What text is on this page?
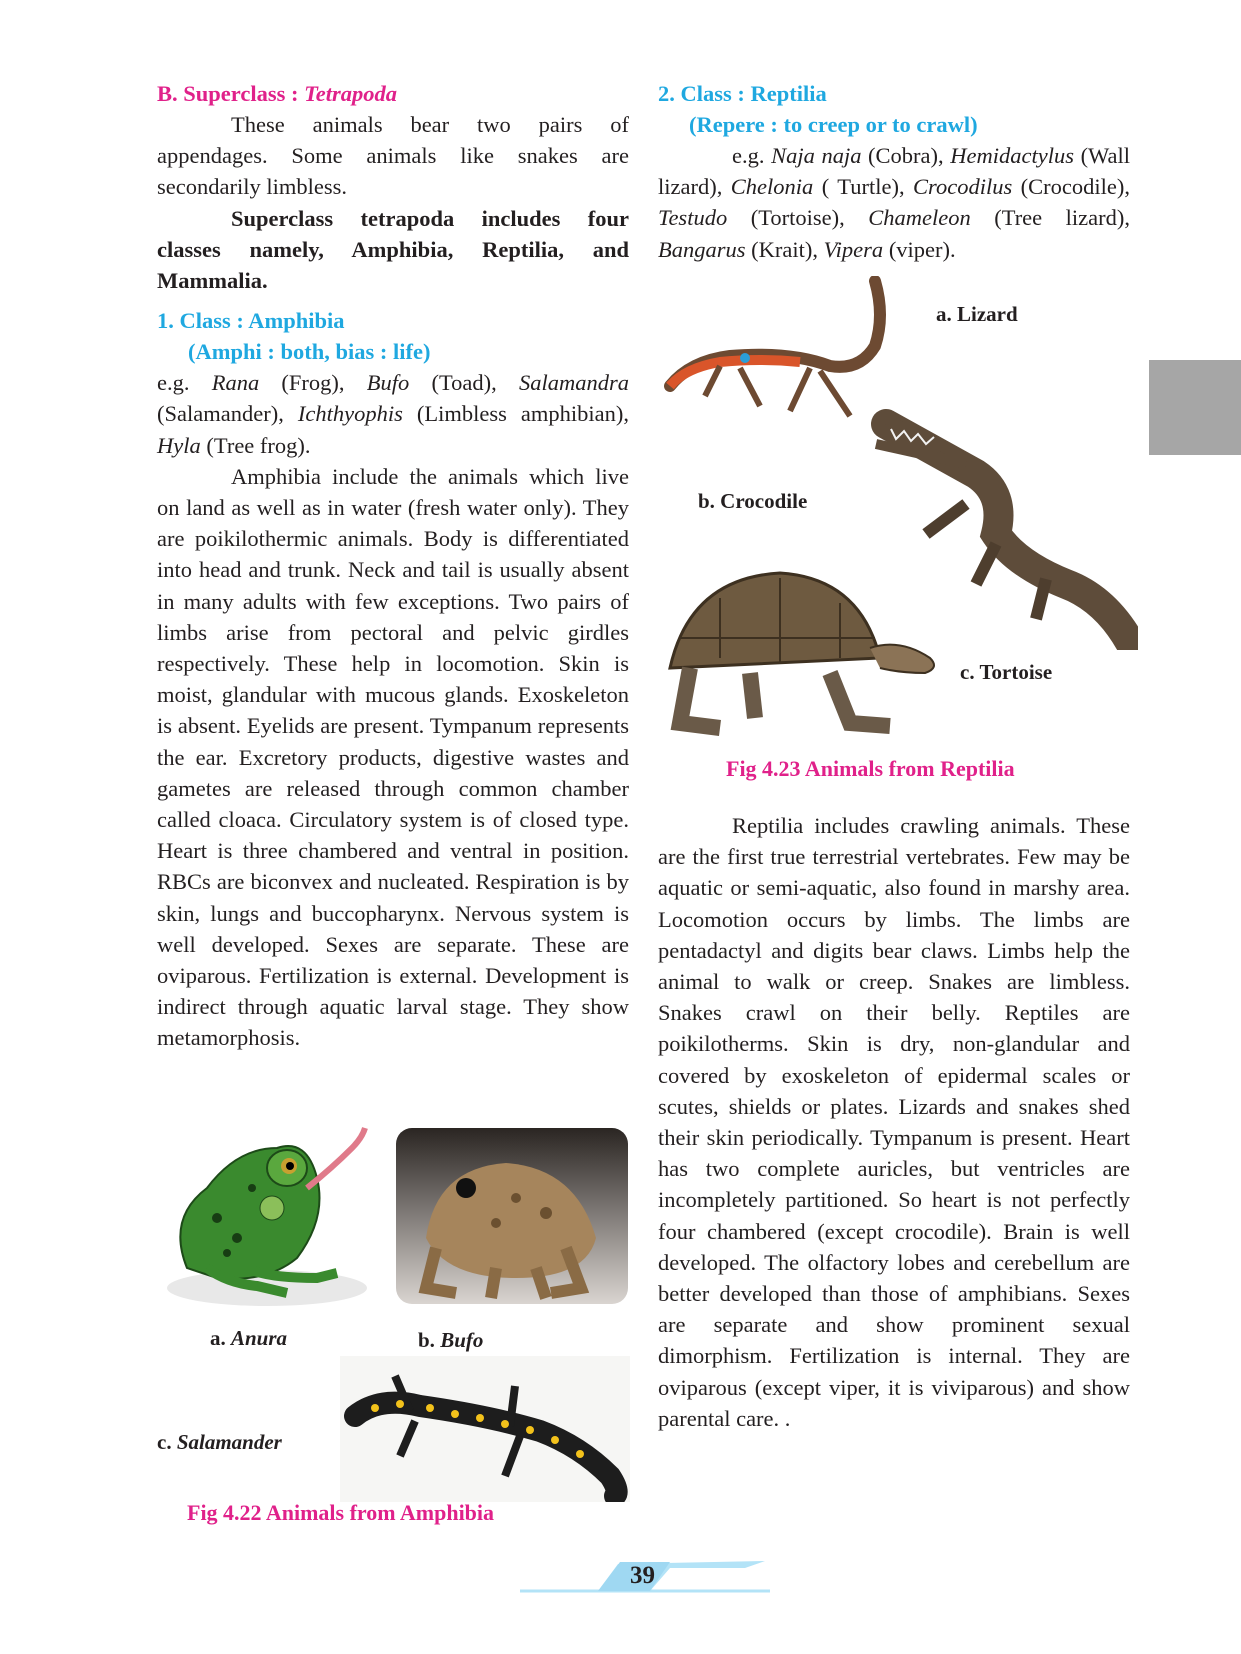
B. Superclass : Tetrapoda

These animals bear two pairs of appendages. Some animals like snakes are secondarily limbless.

Superclass tetrapoda includes four classes namely, Amphibia, Reptilia, and Mammalia.

1. Class : Amphibia

(Amphi : both, bias : life)

e.g. Rana (Frog), Bufo (Toad), Salamandra (Salamander), Ichthyophis (Limbless amphibian), Hyla (Tree frog).

Amphibia include the animals which live on land as well as in water (fresh water only). They are poikilothermic animals. Body is differentiated into head and trunk. Neck and tail is usually absent in many adults with few exceptions. Two pairs of limbs arise from pectoral and pelvic girdles respectively. These help in locomotion. Skin is moist, glandular with mucous glands. Exoskeleton is absent. Eyelids are present. Tympanum represents the ear. Excretory products, digestive wastes and gametes are released through common chamber called cloaca. Circulatory system is of closed type. Heart is three chambered and ventral in position. RBCs are biconvex and nucleated. Respiration is by skin, lungs and buccopharynx. Nervous system is well developed. Sexes are separate. These are oviparous. Fertilization is external. Development is indirect through aquatic larval stage. They show metamorphosis.

a. Anura	b. Bufo
c. Salamander
Fig 4.22 Animals from Amphibia

2. Class : Reptilia

(Repere : to creep or to crawl)

e.g. Naja naja (Cobra), Hemidactylus (Wall lizard), Chelonia ( Turtle), Crocodilus (Crocodile), Testudo (Tortoise), Chameleon (Tree lizard), Bangarus (Krait), Vipera (viper).

a. Lizard
b. Crocodile
c. Tortoise
Fig 4.23 Animals from Reptilia

Reptilia includes crawling animals. These are the first true terrestrial vertebrates. Few may be aquatic or semi-aquatic, also found in marshy area. Locomotion occurs by limbs. The limbs are pentadactyl and digits bear claws. Limbs help the animal to walk or creep. Snakes are limbless. Snakes crawl on their belly. Reptiles are poikilotherms. Skin is dry, non-glandular and covered by exoskeleton of epidermal scales or scutes, shields or plates. Lizards and snakes shed their skin periodically. Tympanum is present. Heart has two complete auricles, but ventricles are incompletely partitioned. So heart is not perfectly four chambered (except crocodile). Brain is well developed. The olfactory lobes and cerebellum are better developed than those of amphibians. Sexes are separate and show prominent sexual dimorphism. Fertilization is internal. They are oviparous (except viper, it is viviparous) and show parental care. .

39
